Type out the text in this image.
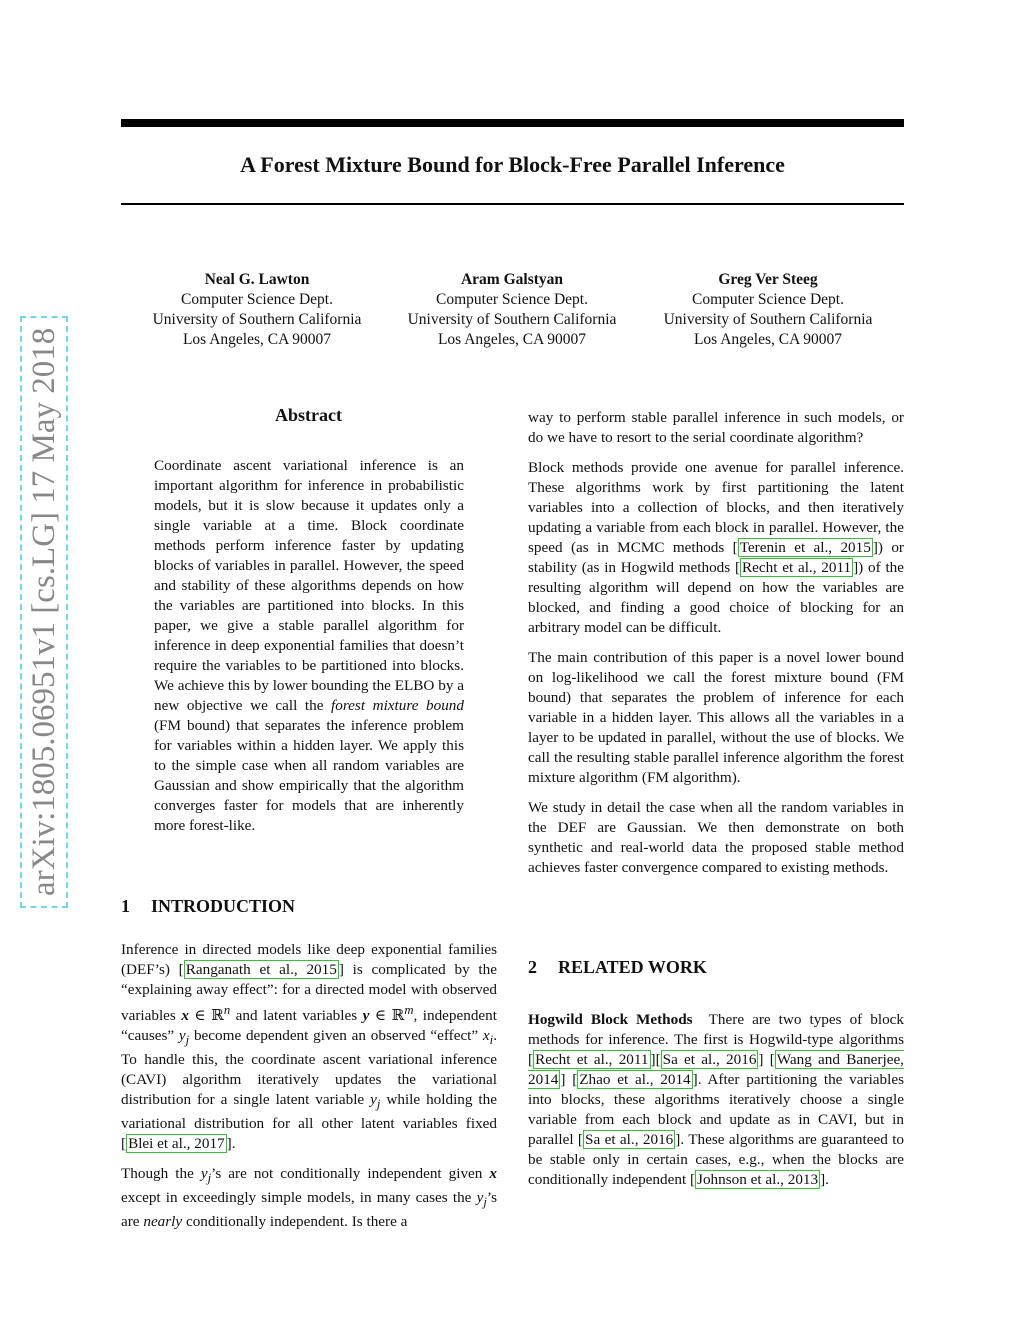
arXiv:1805.06951v1 [cs.LG] 17 May 2018
A Forest Mixture Bound for Block-Free Parallel Inference
Neal G. Lawton
Computer Science Dept.
University of Southern California
Los Angeles, CA 90007
Aram Galstyan
Computer Science Dept.
University of Southern California
Los Angeles, CA 90007
Greg Ver Steeg
Computer Science Dept.
University of Southern California
Los Angeles, CA 90007
Abstract
Coordinate ascent variational inference is an important algorithm for inference in probabilistic models, but it is slow because it updates only a single variable at a time. Block coordinate methods perform inference faster by updating blocks of variables in parallel. However, the speed and stability of these algorithms depends on how the variables are partitioned into blocks. In this paper, we give a stable parallel algorithm for inference in deep exponential families that doesn’t require the variables to be partitioned into blocks. We achieve this by lower bounding the ELBO by a new objective we call the forest mixture bound (FM bound) that separates the inference problem for variables within a hidden layer. We apply this to the simple case when all random variables are Gaussian and show empirically that the algorithm converges faster for models that are inherently more forest-like.
1 INTRODUCTION

Inference in directed models like deep exponential families (DEF’s) [ Ranganath et al., 2015 ] is complicated by the “explaining away effect”: for a directed model with observed variables x ∈ ℝ$^n$ and latent variables y ∈ ℝ$^m$, independent “causes” $y_j$ become dependent given an observed “effect” $x_i$. To handle this, the coordinate ascent variational inference (CAVI) algorithm iteratively updates the variational distribution for a single latent variable $y_j$ while holding the variational distribution for all other latent variables fixed [ Blei et al., 2017 ].

Though the $y_j’s$ are not conditionally independent given x except in exceedingly simple models, in many cases the $y_j’s$ are nearly conditionally independent. Is there a

way to perform stable parallel inference in such models, or do we have to resort to the serial coordinate algorithm?

Block methods provide one avenue for parallel inference. These algorithms work by first partitioning the latent variables into a collection of blocks, and then iteratively updating a variable from each block in parallel. However, the speed (as in MCMC methods [ Terenin et al., 2015 ]) or stability (as in Hogwild methods [ Recht et al., 2011 ]) of the resulting algorithm will depend on how the variables are blocked, and finding a good choice of blocking for an arbitrary model can be difficult.

The main contribution of this paper is a novel lower bound on log-likelihood we call the forest mixture bound (FM bound) that separates the problem of inference for each variable in a hidden layer. This allows all the variables in a layer to be updated in parallel, without the use of blocks. We call the resulting stable parallel inference algorithm the forest mixture algorithm (FM algorithm).

We study in detail the case when all the random variables in the DEF are Gaussian. We then demonstrate on both synthetic and real-world data the proposed stable method achieves faster convergence compared to existing methods.

2 RELATED WORK

Hogwild Block Methods There are two types of block methods for inference. The first is Hogwild-type algorithms [ Recht et al., 2011 ][ Sa et al., 2016 ] [ Wang and Banerjee, 2014 ] [ Zhao et al., 2014 ]. After partitioning the variables into blocks, these algorithms iteratively choose a single variable from each block and update as in CAVI, but in parallel [ Sa et al., 2016 ]. These algorithms are guaranteed to be stable only in certain cases, e.g., when the blocks are conditionally independent [ Johnson et al., 2013 ].
